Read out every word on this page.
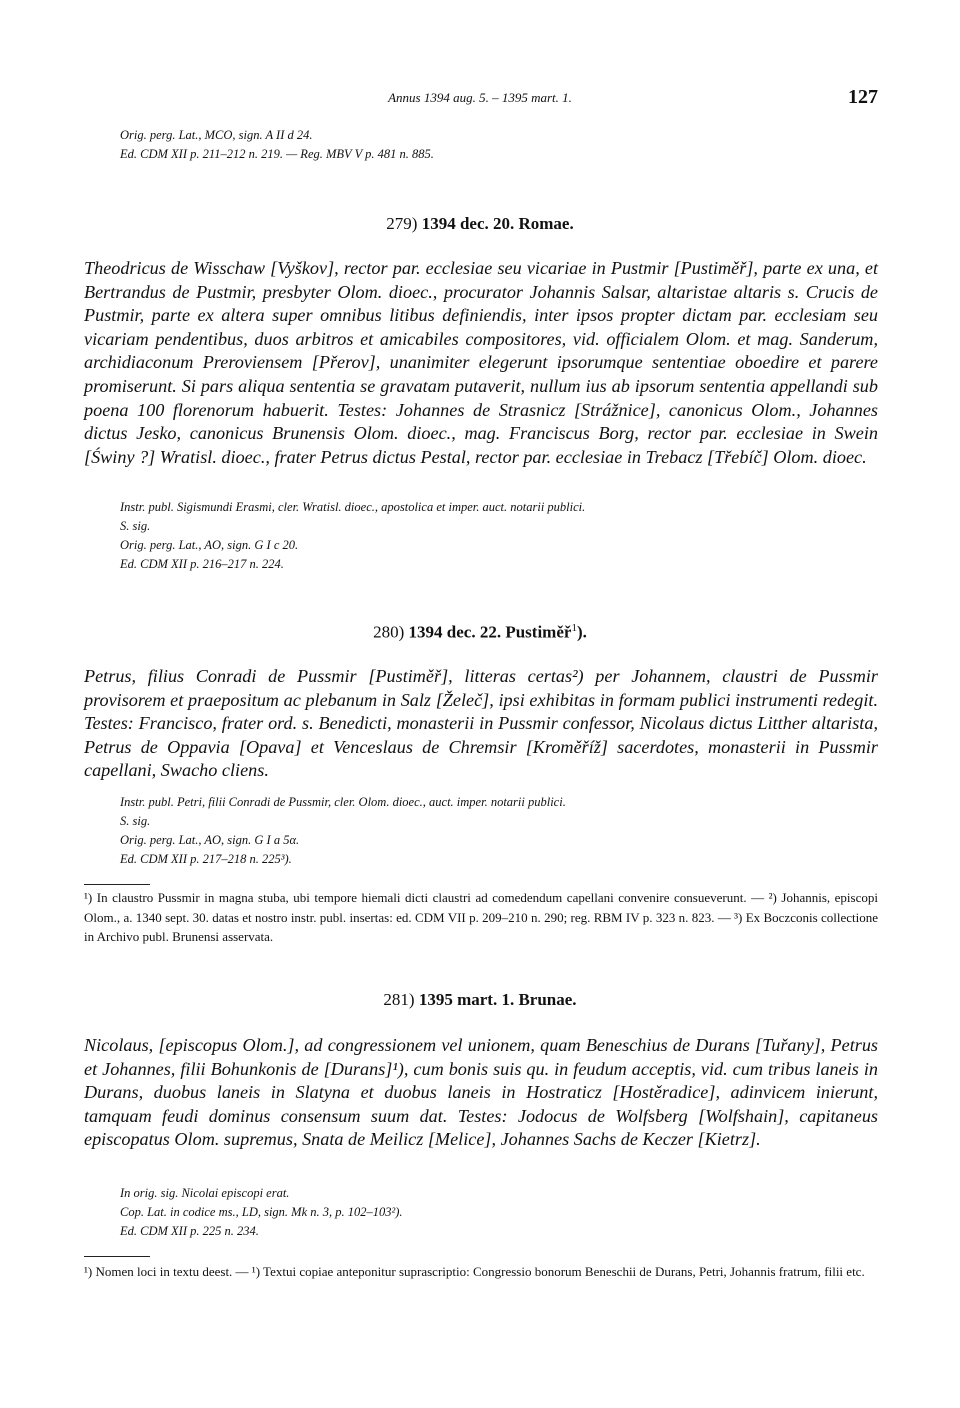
Annus 1394 aug. 5. – 1395 mart. 1.	127
Orig. perg. Lat., MCO, sign. A II d 24.
Ed. CDM XII p. 211–212 n. 219. — Reg. MBV V p. 481 n. 885.
279) 1394 dec. 20. Romae.

Theodricus de Wisschaw [Vyškov], rector par. ecclesiae seu vicariae in Pustmir [Pustiměř], parte ex una, et Bertrandus de Pustmir, presbyter Olom. dioec., procurator Johannis Salsar, altaristae altaris s. Crucis de Pustmir, parte ex altera super omnibus litibus definiendis, inter ipsos propter dictam par. ecclesiam seu vicariam pendentibus, duos arbitros et amicabiles compositores, vid. officialem Olom. et mag. Sanderum, archidiaconum Preroviensem [Přerov], unanimiter elegerunt ipsorumque sententiae oboedire et parere promiserunt. Si pars aliqua sententia se gravatam putaverit, nullum ius ab ipsorum sententia appellandi sub poena 100 florenorum habuerit. Testes: Johannes de Strasnicz [Strážnice], canonicus Olom., Johannes dictus Jesko, canonicus Brunensis Olom. dioec., mag. Franciscus Borg, rector par. ecclesiae in Swein [Świny ?] Wratisl. dioec., frater Petrus dictus Pestal, rector par. ecclesiae in Trebacz [Třebíč] Olom. dioec.

Instr. publ. Sigismundi Erasmi, cler. Wratisl. dioec., apostolica et imper. auct. notarii publici.
S. sig.
Orig. perg. Lat., AO, sign. G I c 20.
Ed. CDM XII p. 216–217 n. 224.
280) 1394 dec. 22. Pustiměř$^1$).

Petrus, filius Conradi de Pussmir [Pustiměř], litteras certas²) per Johannem, claustri de Pussmir provisorem et praepositum ac plebanum in Salz [Želeč], ipsi exhibitas in formam publici instrumenti redegit. Testes: Francisco, frater ord. s. Benedicti, monasterii in Pussmir confessor, Nicolaus dictus Litther altarista, Petrus de Oppavia [Opava] et Venceslaus de Chremsir [Kroměříž] sacerdotes, monasterii in Pussmir capellani, Swacho cliens.

Instr. publ. Petri, filii Conradi de Pussmir, cler. Olom. dioec., auct. imper. notarii publici.
S. sig.
Orig. perg. Lat., AO, sign. G I a 5α.
Ed. CDM XII p. 217–218 n. 225³).
¹) In claustro Pussmir in magna stuba, ubi tempore hiemali dicti claustri ad comedendum capellani convenire consueverunt. — ²) Johannis, episcopi Olom., a. 1340 sept. 30. datas et nostro instr. publ. insertas: ed. CDM VII p. 209–210 n. 290; reg. RBM IV p. 323 n. 823. — ³) Ex Boczconis collectione in Archivo publ. Brunensi asservata.
281) 1395 mart. 1. Brunae.

Nicolaus, [episcopus Olom.], ad congressionem vel unionem, quam Beneschius de Durans [Tuřany], Petrus et Johannes, filii Bohunkonis de [Durans]¹), cum bonis suis qu. in feudum acceptis, vid. cum tribus laneis in Durans, duobus laneis in Slatyna et duobus laneis in Hostraticz [Hostěradice], adinvicem inierunt, tamquam feudi dominus consensum suum dat. Testes: Jodocus de Wolfsberg [Wolfshain], capitaneus episcopatus Olom. supremus, Snata de Meilicz [Melice], Johannes Sachs de Keczer [Kietrz].

In orig. sig. Nicolai episcopi erat.
Cop. Lat. in codice ms., LD, sign. Mk n. 3, p. 102–103²).
Ed. CDM XII p. 225 n. 234.
¹) Nomen loci in textu deest. — ¹) Textui copiae anteponitur suprascriptio: Congressio bonorum Beneschii de Durans, Petri, Johannis fratrum, filii etc.
